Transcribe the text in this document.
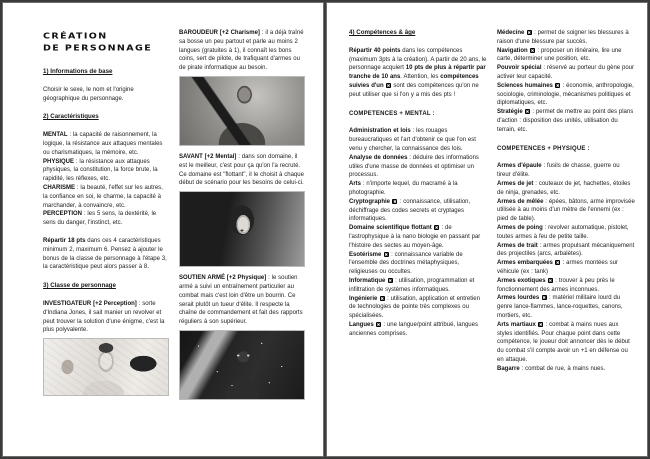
CRÉATION
DE PERSONNAGE
1) Informations de base

Choisir le sexe, le nom et l'origine géographique du personnage.

2) Caractéristiques

MENTAL : la capacité de raisonnement, la logique, la résistance aux attaques mentales ou charismatiques, la mémoire, etc.

PHYSIQUE : la résistance aux attaques physiques, la constitution, la force brute, la rapidité, les réflexes, etc.

CHARISME : la beauté, l'effet sur les autres, la confiance en soi, le charme, la capacité à marchander, à convaincre, etc.

PERCEPTION : les 5 sens, la dextérité, le sens du danger, l'instinct, etc.

Répartir 18 pts dans ces 4 caractéristiques minimum 2, maximum 6. Pensez à ajouter le bonus de la classe de personnage à l'étape 3, la caractéristique peut alors passer à 8.

3) Classe de personnage

INVESTIGATEUR [+2 Perception] : sorte d'Indiana Jones, il sait manier un revolver et peut trouver la solution d'une énigme, c'est la plus polyvalente.

BAROUDEUR [+2 Charisme] : il a déjà traîné sa bosse un peu partout et parle au moins 2 langues (gratuites à 1), il connaît les bons coins, sert de pilote, de trafiquant d'armes ou de pirate informatique au besoin.

SAVANT [+2 Mental] : dans son domaine, il est le meilleur, c'est pour ça qu'on l'a recruté. Ce domaine est "flottant", il le choisit à chaque début de scénario pour les besoins de celui-ci.

SOUTIEN ARMÉ [+2 Physique] : le soutien armé a suivi un entraînement particulier au combat mais c'est loin d'être un bourrin. Ce serait plutôt un tueur d'élite. Il respecte la chaîne de commandement et fait des rapports réguliers à son supérieur.

4) Compétences & âge

Répartir 40 points dans les compétences (maximum 3pts à la création). A partir de 20 ans, le personnage acquiert 10 pts de plus à répartir par tranche de 10 ans. Attention, les compétences suivies d'un ✖ sont des compétences qu'on ne peut utiliser que si l'on y a mis des pts !

COMPETENCES + MENTAL :

Administration et lois : les rouages bureaucratiques et l'art d'obtenir ce que l'on est venu y chercher, la connaissance des lois.

Analyse de données : déduire des informations utiles d'une masse de données et optimiser un processus.

Arts : n'importe lequel, du macramé à la photographie.

Cryptographie ✖ : connaissance, utilisation, déchiffrage des codes secrets et cryptages informatiques.

Domaine scientifique flottant ✖ : de l'astrophysique à la nano biologie en passant par l'histoire des sectes au moyen-âge.

Esotérisme ✖ : connaissance variable de l'ensemble des doctrines métaphysiques, religieuses ou occultes.

Informatique ✖ : utilisation, programmation et infiltration de systèmes informatiques.

Ingénierie ✖ : utilisation, application et entretien de technologies de pointe très complexes ou spécialisées.

Langues ✖ : une langue/point attribué, langues anciennes comprises.

Médecine ✖ : permet de soigner les blessures à raison d'une blessure par succès.

Navigation ✖ : proposer un itinéraire, lire une carte, déterminer une position, etc.

Pouvoir spécial : réservé au porteur du gène pour activer leur capacité.

Sciences humaines ✖ : économie, anthropologie, sociologie, criminologie, mécanismes politiques et diplomatiques, etc.

Stratégie ✖ : permet de mettre au point des plans d'action : disposition des unités, utilisation du terrain, etc.

COMPETENCES + PHYSIQUE :

Armes d'épaule : fusils de chasse, guerre ou tireur d'élite.

Armes de jet : couteaux de jet, hachettes, étoiles de ninja, grenades, etc.

Armes de mêlée : épées, bâtons, arme improvisée utilisée à au moins d'un mètre de l'ennemi (ex : pied de table).

Armes de poing : revolver automatique, pistolet, toutes armes à feu de petite taille.

Armes de trait : armes propulsant mécaniquement des projectiles (arcs, arbalètes).

Armes embarquées ✖ : armes montées sur véhicule (ex : tank)

Armes exotiques ✖ : trouver à peu près le fonctionnement des armes inconnues.

Armes lourdes ✖ : matériel militaire lourd du genre lance-flammes, lance-roquettes, canons, mortiers, etc.

Arts martiaux ✖ : combat à mains nues aux styles identifiés. Pour chaque point dans cette compétence, le joueur doit annoncer dès le début du combat s'il compte avoir un +1 en défense ou en attaque.

Bagarre : combat de rue, à mains nues.
